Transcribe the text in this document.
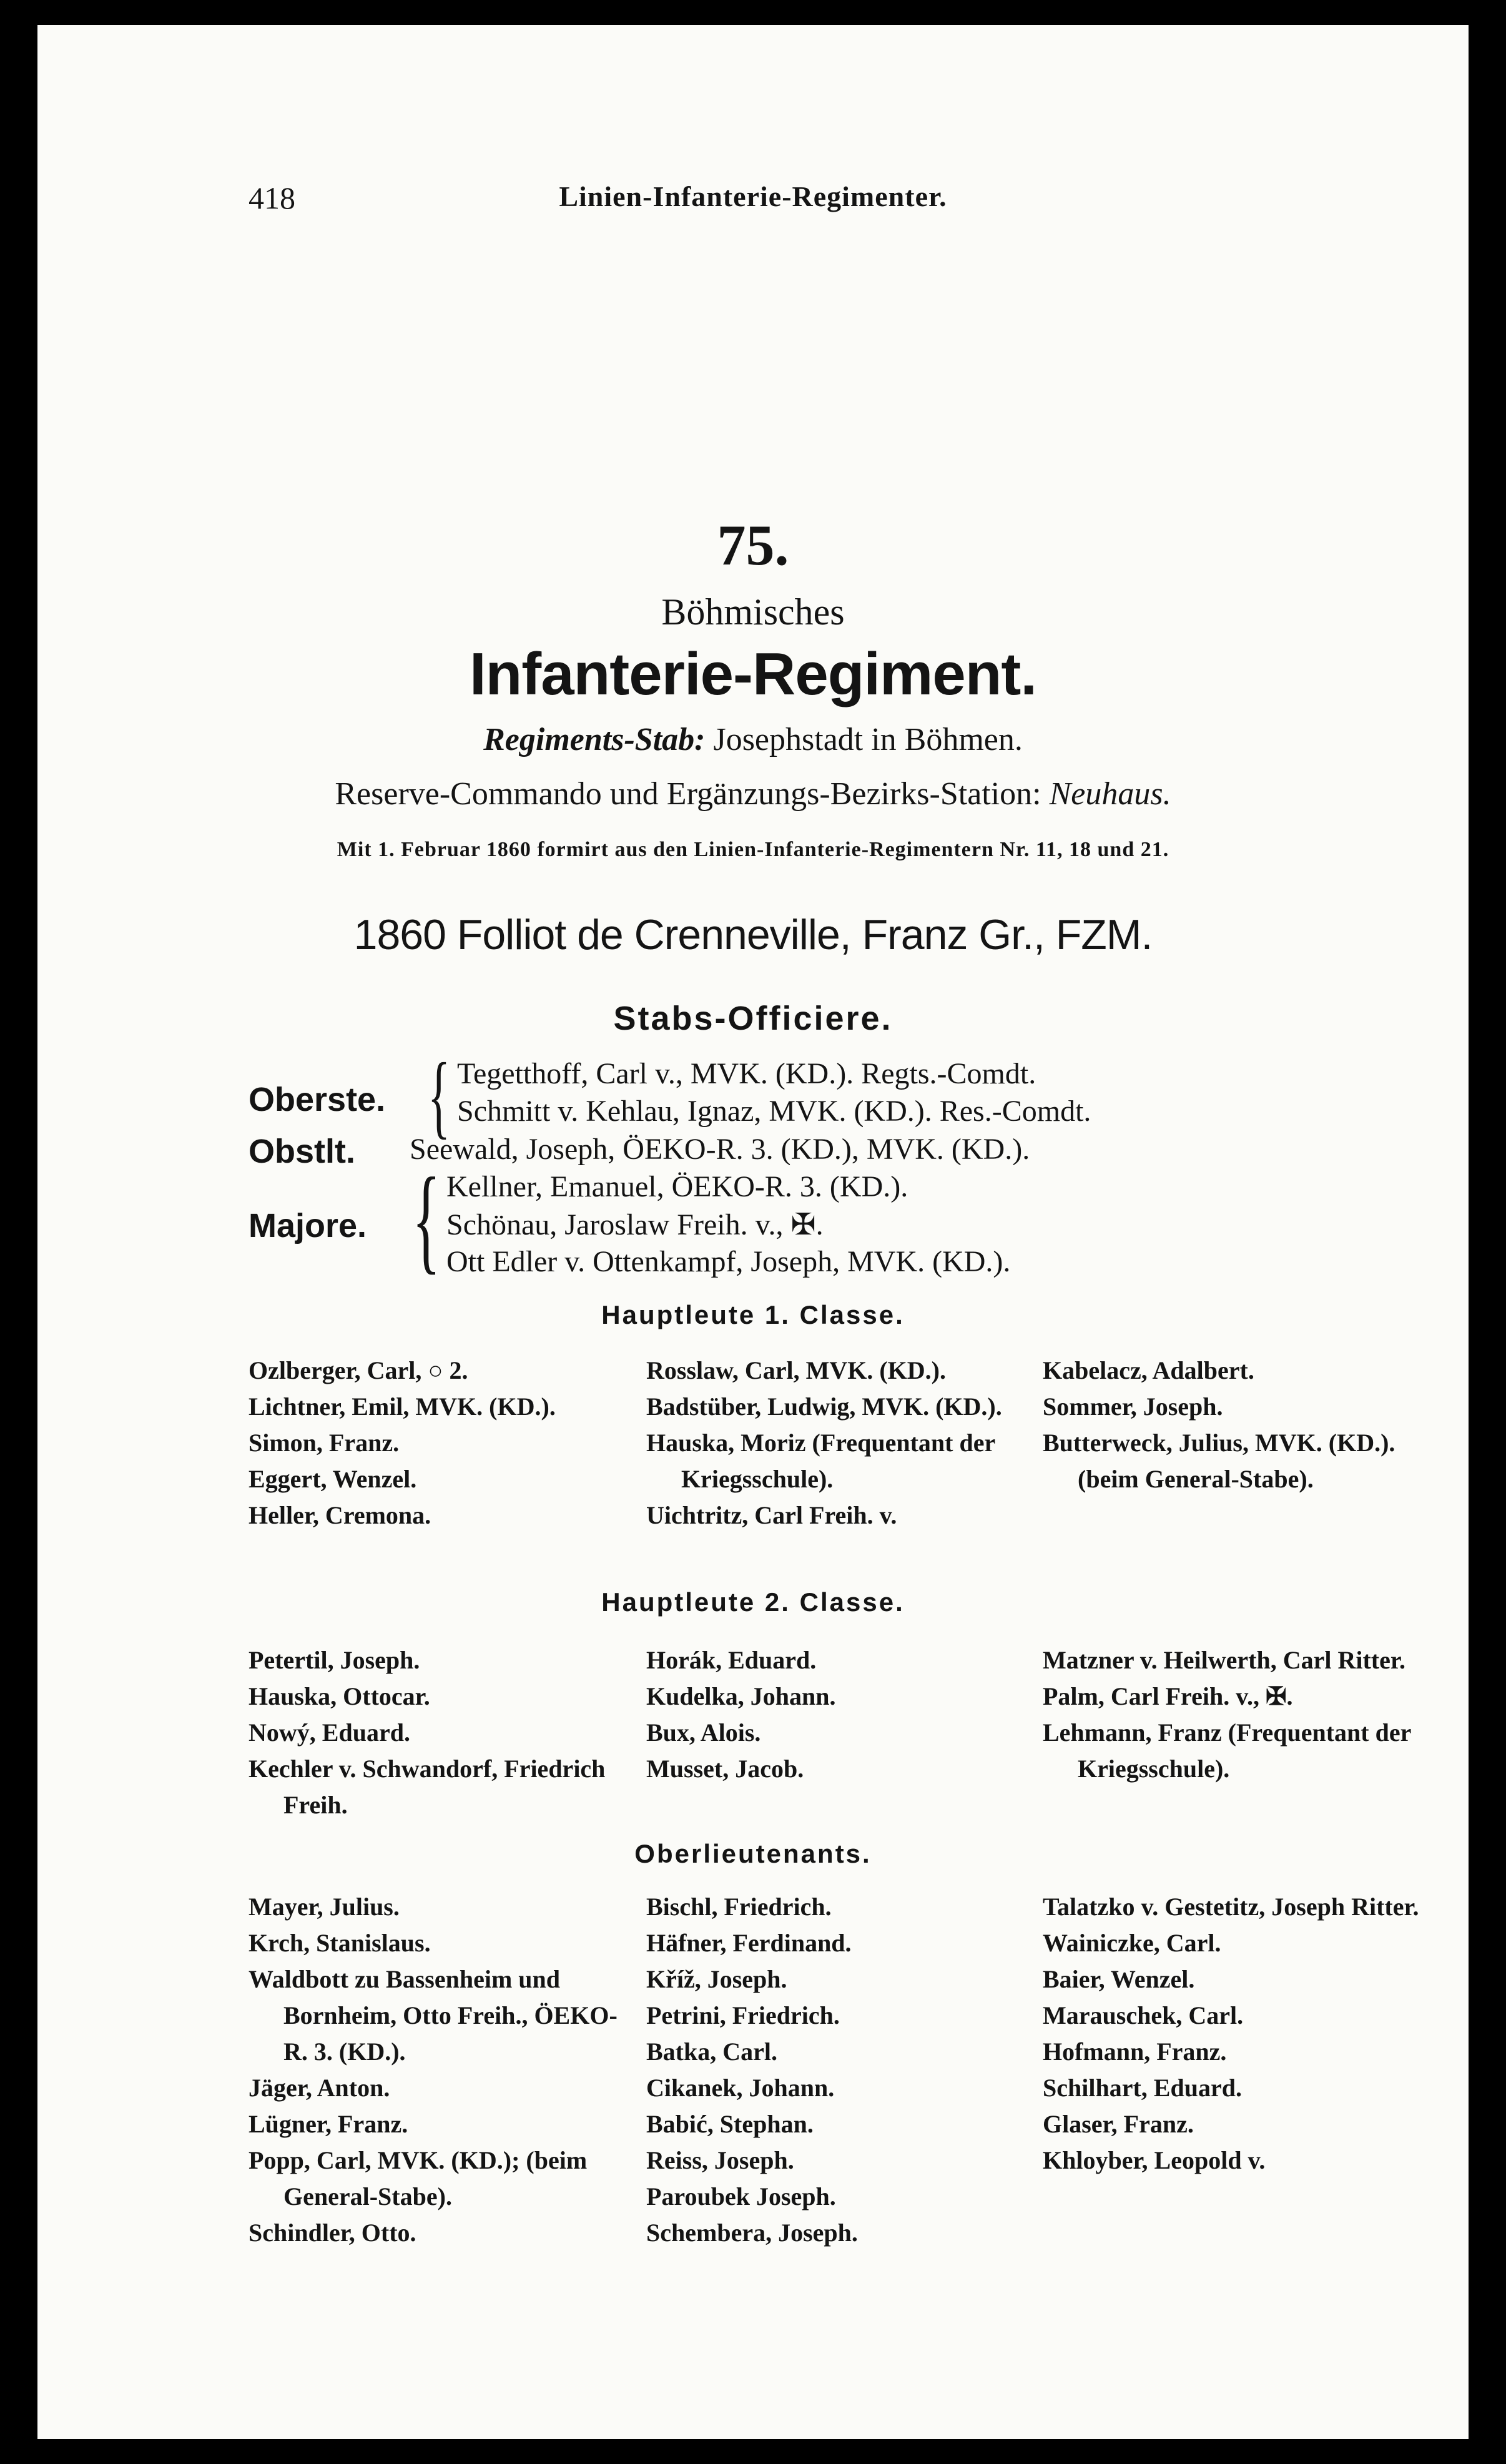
418	Linien-Infanterie-Regimenter.
75.
Böhmisches
Infanterie-Regiment.
Regiments-Stab: Josephstadt in Böhmen.
Reserve-Commando und Ergänzungs-Bezirks-Station: Neuhaus.
Mit 1. Februar 1860 formirt aus den Linien-Infanterie-Regimentern Nr. 11, 18 und 21.
1860 Folliot de Crenneville, Franz Gr., FZM.
Stabs-Officiere.
Oberste. { Tegetthoff, Carl v., MVK. (KD.). Regts.-Comdt.
Schmitt v. Kehlau, Ignaz, MVK. (KD.). Res.-Comdt.
Obstlt. Seewald, Joseph, ÖEKO-R. 3. (KD.), MVK. (KD.).
Majore. { Kellner, Emanuel, ÖEKO-R. 3. (KD.).
Schönau, Jaroslaw Freih. v., ✠.
Ott Edler v. Ottenkampf, Joseph, MVK. (KD.).
Hauptleute 1. Classe.
Ozlberger, Carl, ○ 2.
Lichtner, Emil, MVK. (KD.).
Simon, Franz.
Eggert, Wenzel.
Heller, Cremona.
Rosslaw, Carl, MVK. (KD.).
Badstüber, Ludwig, MVK. (KD.).
Hauska, Moriz (Frequentant der Kriegsschule).
Uichtritz, Carl Freih. v.
Kabelacz, Adalbert.
Sommer, Joseph.
Butterweck, Julius, MVK. (KD.). (beim General-Stabe).
Hauptleute 2. Classe.
Petertil, Joseph.
Hauska, Ottocar.
Nowý, Eduard.
Kechler v. Schwandorf, Friedrich Freih.
Horák, Eduard.
Kudelka, Johann.
Bux, Alois.
Musset, Jacob.
Matzner v. Heilwerth, Carl Ritter.
Palm, Carl Freih. v., ✠.
Lehmann, Franz (Frequentant der Kriegsschule).
Oberlieutenants.
Mayer, Julius.
Krch, Stanislaus.
Waldbott zu Bassenheim und Bornheim, Otto Freih., ÖEKO-R. 3. (KD.).
Jäger, Anton.
Lügner, Franz.
Popp, Carl, MVK. (KD.); (beim General-Stabe).
Schindler, Otto.
Bischl, Friedrich.
Häfner, Ferdinand.
Kříž, Joseph.
Petrini, Friedrich.
Batka, Carl.
Cikanek, Johann.
Babić, Stephan.
Reiss, Joseph.
Paroubek Joseph.
Schembera, Joseph.
Talatzko v. Gestetitz, Joseph Ritter.
Wainiczke, Carl.
Baier, Wenzel.
Marauschek, Carl.
Hofmann, Franz.
Schilhart, Eduard.
Glaser, Franz.
Khloyber, Leopold v.
